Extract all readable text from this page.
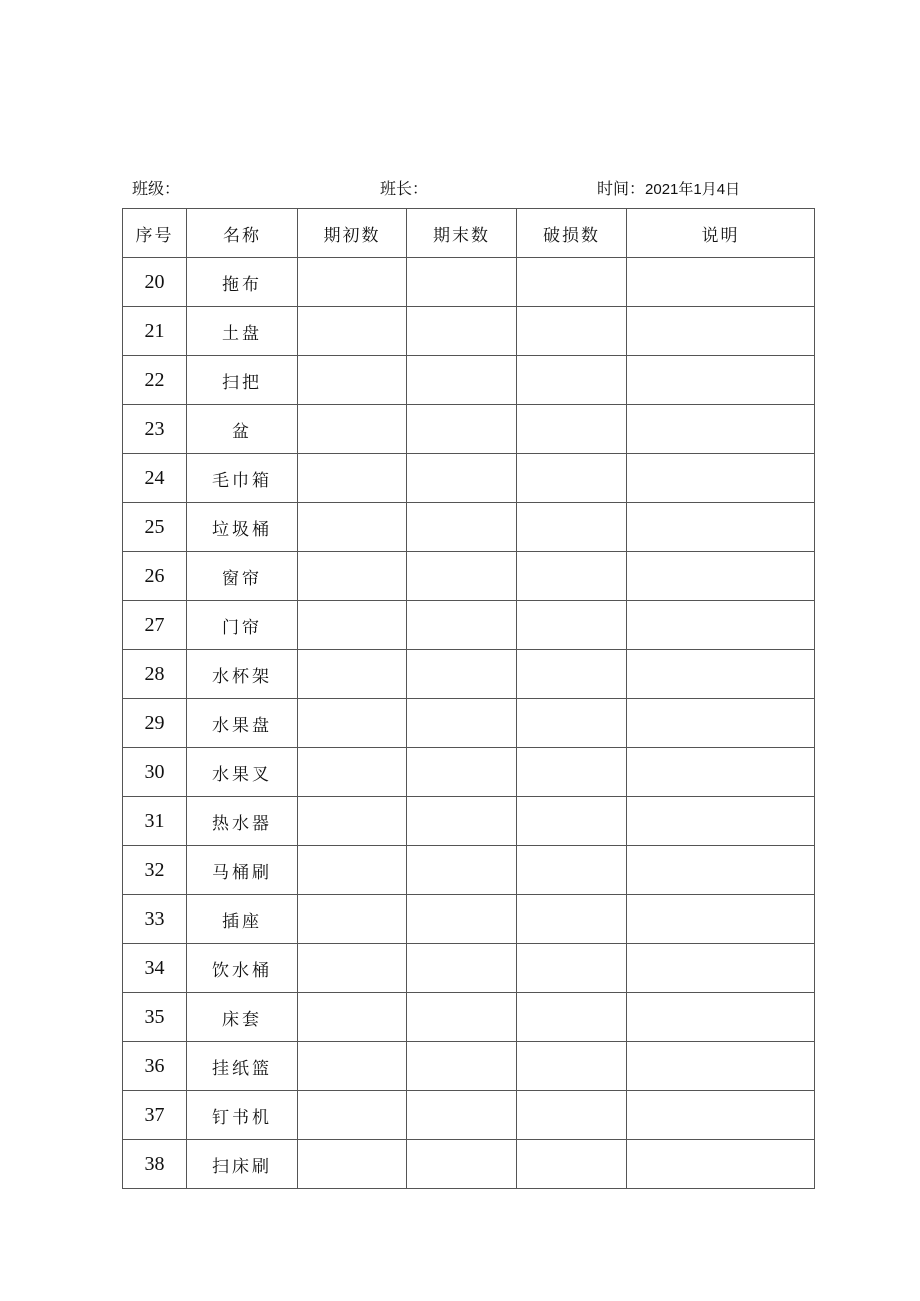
班级：	班长：	时间：2021年1月4日
序号	名称	期初数	期末数	破损数	说明
20	拖布				
21	土盘				
22	扫把				
23	盆				
24	毛巾箱				
25	垃圾桶				
26	窗帘				
27	门帘				
28	水杯架				
29	水果盘				
30	水果叉				
31	热水器				
32	马桶刷				
33	插座				
34	饮水桶				
35	床套				
36	挂纸篮				
37	钉书机				
38	扫床刷				
